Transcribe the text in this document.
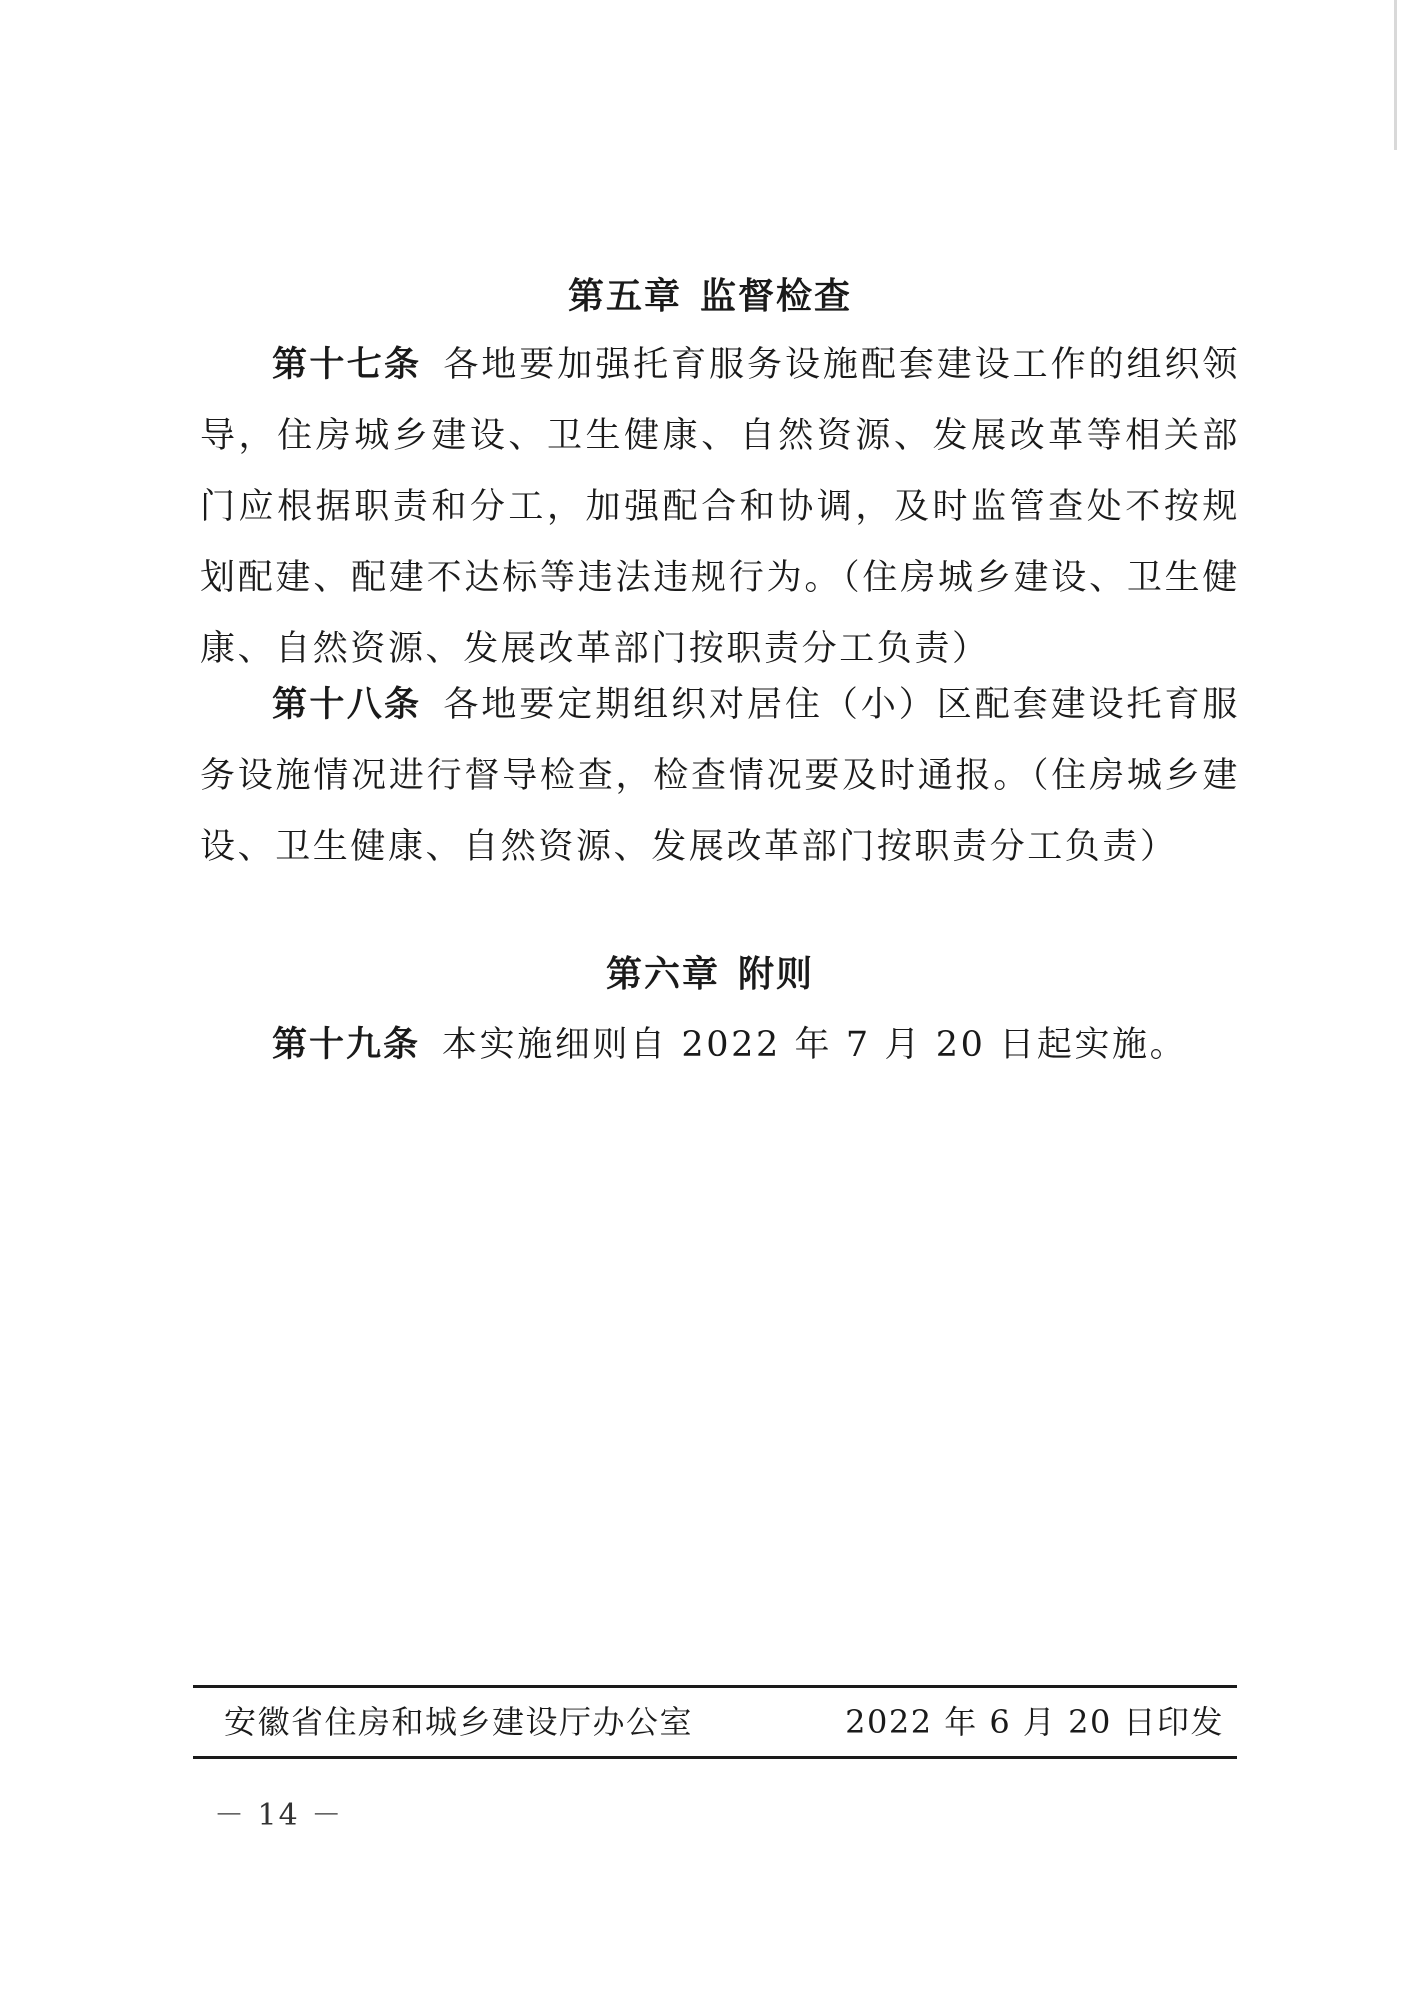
第五章 监督检查

第十七条 各地要加强托育服务设施配套建设工作的组织领导，住房城乡建设、卫生健康、自然资源、发展改革等相关部门应根据职责和分工，加强配合和协调，及时监管查处不按规划配建、配建不达标等违法违规行为。（住房城乡建设、卫生健康、自然资源、发展改革部门按职责分工负责）

第十八条 各地要定期组织对居住（小）区配套建设托育服务设施情况进行督导检查，检查情况要及时通报。（住房城乡建设、卫生健康、自然资源、发展改革部门按职责分工负责）

第六章 附则

第十九条 本实施细则自 2022 年 7 月 20 日起实施。

安徽省住房和城乡建设厅办公室	2022 年 6 月 20 日印发
－ 14 －
